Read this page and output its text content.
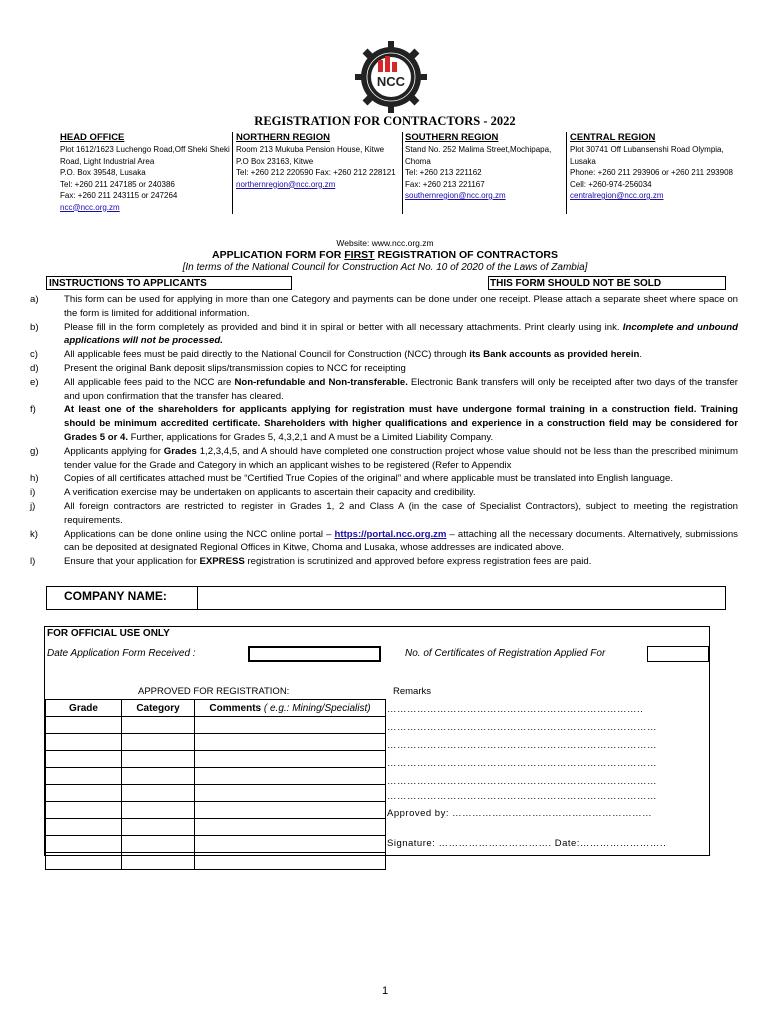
NCC
REGISTRATION FOR CONTRACTORS - 2022
HEAD OFFICE
Plot 1612/1623 Luchengo Road,Off Sheki Sheki
Road, Light Industrial Area
P.O. Box 39548, Lusaka
Tel: +260 211 247185 or 240386
Fax: +260 211 243115 or 247264
ncc@ncc.org.zm
NORTHERN REGION
Room 213 Mukuba Pension House, Kitwe
P.O Box 23163, Kitwe
Tel: +260 212 220590 Fax: +260 212 228121
northernregion@ncc.org.zm
SOUTHERN REGION
Stand No. 252 Malima Street,Mochipapa,
Choma
Tel: +260 213 221162
Fax: +260 213 221167
southernregion@ncc.org.zm
CENTRAL REGION
Plot 30741 Off Lubansenshi Road Olympia,
Lusaka
Phone: +260 211 293906 or +260 211 293908
Cell: +260-974-256034
centralregion@ncc.org.zm
Website: www.ncc.org.zm
APPLICATION FORM FOR FIRST REGISTRATION OF CONTRACTORS
[In terms of the National Council for Construction Act No. 10 of 2020 of the Laws of Zambia]
INSTRUCTIONS TO APPLICANTS	THIS FORM SHOULD NOT BE SOLD
a)	This form can be used for applying in more than one Category and payments can be done under one receipt. Please attach a separate sheet where space on the form is limited for additional information.
b)	Please fill in the form completely as provided and bind it in spiral or better with all necessary attachments. Print clearly using ink. Incomplete and unbound applications will not be processed.
c)	All applicable fees must be paid directly to the National Council for Construction (NCC) through its Bank accounts as provided herein.
d)	Present the original Bank deposit slips/transmission copies to NCC for receipting
e)	All applicable fees paid to the NCC are Non-refundable and Non-transferable. Electronic Bank transfers will only be receipted after two days of the transfer and upon confirmation that the transfer has cleared.
f)	At least one of the shareholders for applicants applying for registration must have undergone formal training in a construction field. Training should be minimum accredited certificate. Shareholders with higher qualifications and experience in a construction field may be considered for Grades 5 or 4. Further, applications for Grades 5, 4,3,2,1 and A must be a Limited Liability Company.
g)	Applicants applying for Grades 1,2,3,4,5, and A should have completed one construction project whose value should not be less than the prescribed minimum tender value for the Grade and Category in which an applicant wishes to be registered (Refer to Appendix
h)	Copies of all certificates attached must be “Certified True Copies of the original” and where applicable must be translated into English language.
i)	A verification exercise may be undertaken on applicants to ascertain their capacity and credibility.
j)	All foreign contractors are restricted to register in Grades 1, 2 and Class A (in the case of Specialist Contractors), subject to meeting the registration requirements.
k)	Applications can be done online using the NCC online portal – https://portal.ncc.org.zm – attaching all the necessary documents. Alternatively, submissions can be deposited at designated Regional Offices in Kitwe, Choma and Lusaka, whose addresses are indicated above.
l)	Ensure that your application for EXPRESS registration is scrutinized and approved before express registration fees are paid.
COMPANY NAME:
FOR OFFICIAL USE ONLY
Date Application Form Received :	No. of Certificates of Registration Applied For
APPROVED FOR REGISTRATION:	Remarks
Grade	Category	Comments ( e.g.: Mining/Specialist)

		…………………………………………………………………..
………………………………………………………………………
………………………………………………………………………
………………………………………………………………………
………………………………………………………………………
………………………………………………………………………
Approved by: ……………………………………………………
Signature: ……………………………. Date:……………………..
1
